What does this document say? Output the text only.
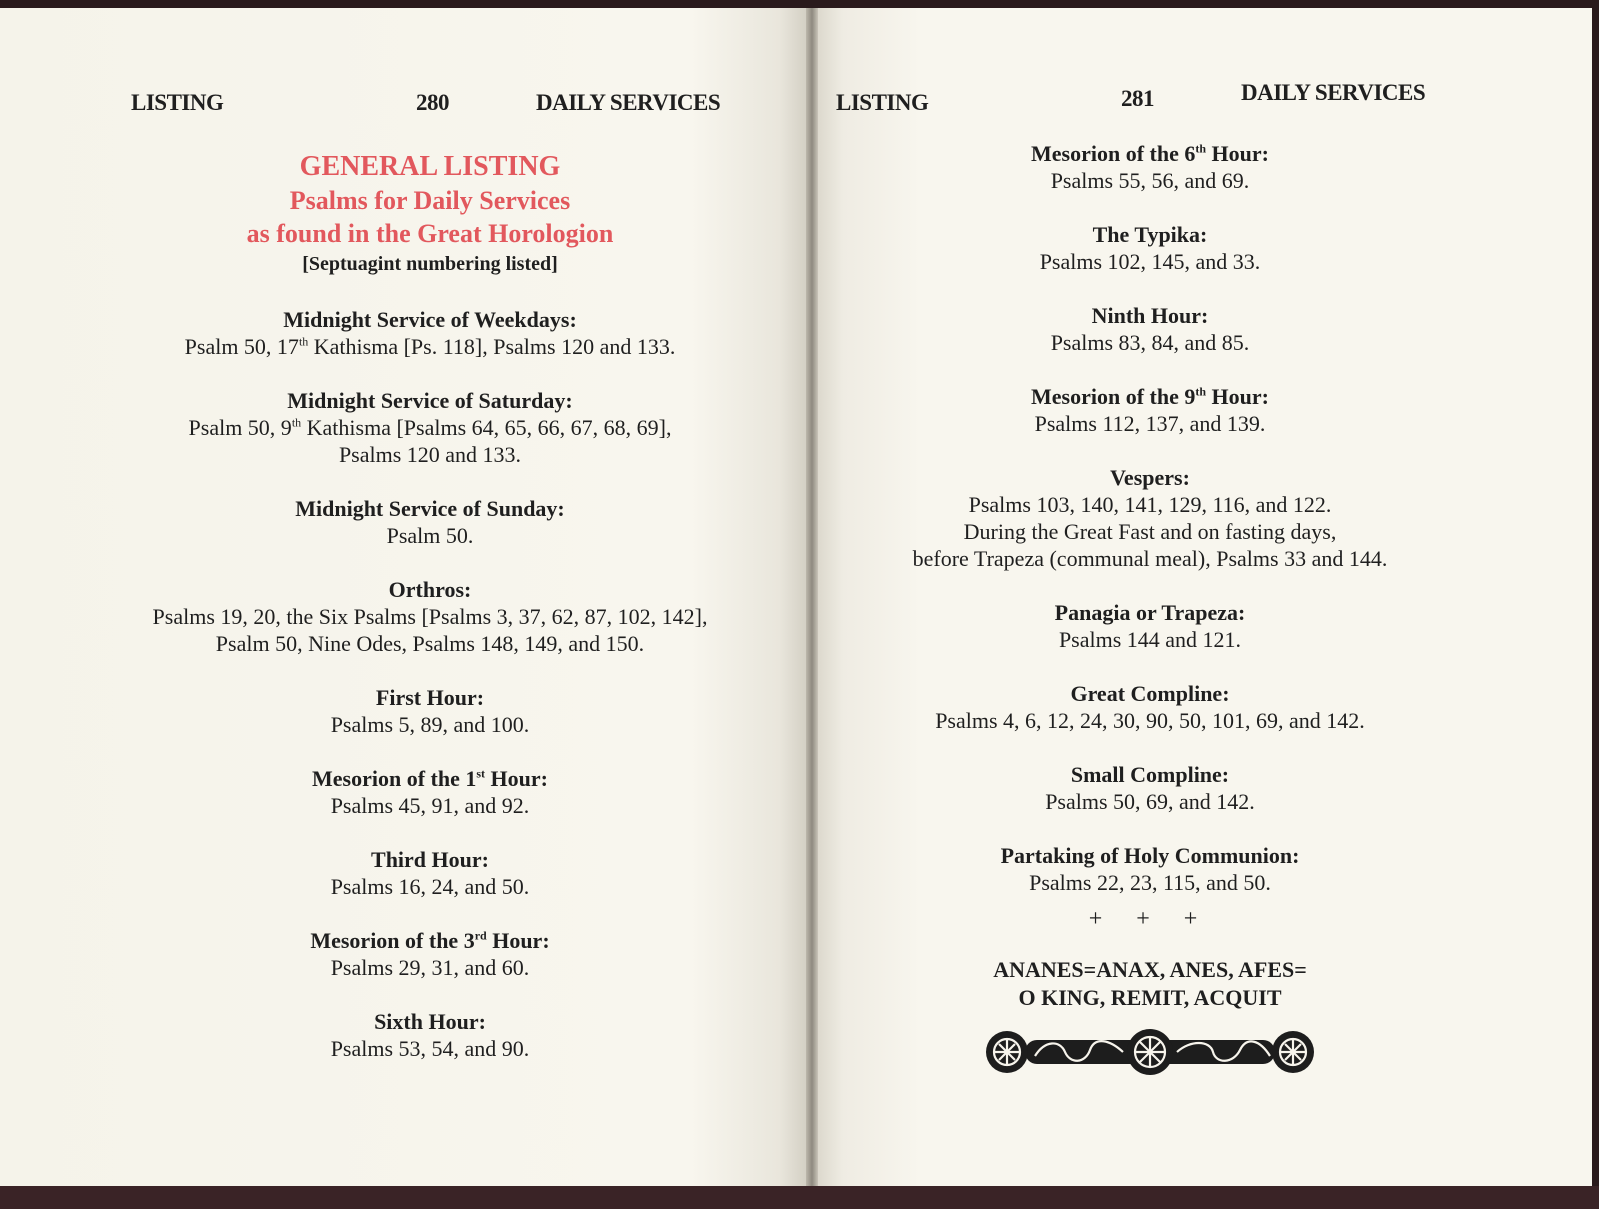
LISTING	280	DAILY SERVICES
GENERAL LISTING
Psalms for Daily Services
as found in the Great Horologion
[Septuagint numbering listed]
Midnight Service of Weekdays:
Psalm 50, 17th Kathisma [Ps. 118], Psalms 120 and 133.
Midnight Service of Saturday:
Psalm 50, 9th Kathisma [Psalms 64, 65, 66, 67, 68, 69],
Psalms 120 and 133.
Midnight Service of Sunday:
Psalm 50.
Orthros:
Psalms 19, 20, the Six Psalms [Psalms 3, 37, 62, 87, 102, 142],
Psalm 50, Nine Odes, Psalms 148, 149, and 150.
First Hour:
Psalms 5, 89, and 100.
Mesorion of the 1st Hour:
Psalms 45, 91, and 92.
Third Hour:
Psalms 16, 24, and 50.
Mesorion of the 3rd Hour:
Psalms 29, 31, and 60.
Sixth Hour:
Psalms 53, 54, and 90.
LISTING	281	DAILY SERVICES
Mesorion of the 6th Hour:
Psalms 55, 56, and 69.
The Typika:
Psalms 102, 145, and 33.
Ninth Hour:
Psalms 83, 84, and 85.
Mesorion of the 9th Hour:
Psalms 112, 137, and 139.
Vespers:
Psalms 103, 140, 141, 129, 116, and 122.
During the Great Fast and on fasting days,
before Trapeza (communal meal), Psalms 33 and 144.
Panagia or Trapeza:
Psalms 144 and 121.
Great Compline:
Psalms 4, 6, 12, 24, 30, 90, 50, 101, 69, and 142.
Small Compline:
Psalms 50, 69, and 142.
Partaking of Holy Communion:
Psalms 22, 23, 115, and 50.
+ + +
ANANES=ANAX, ANES, AFES=
O KING, REMIT, ACQUIT
